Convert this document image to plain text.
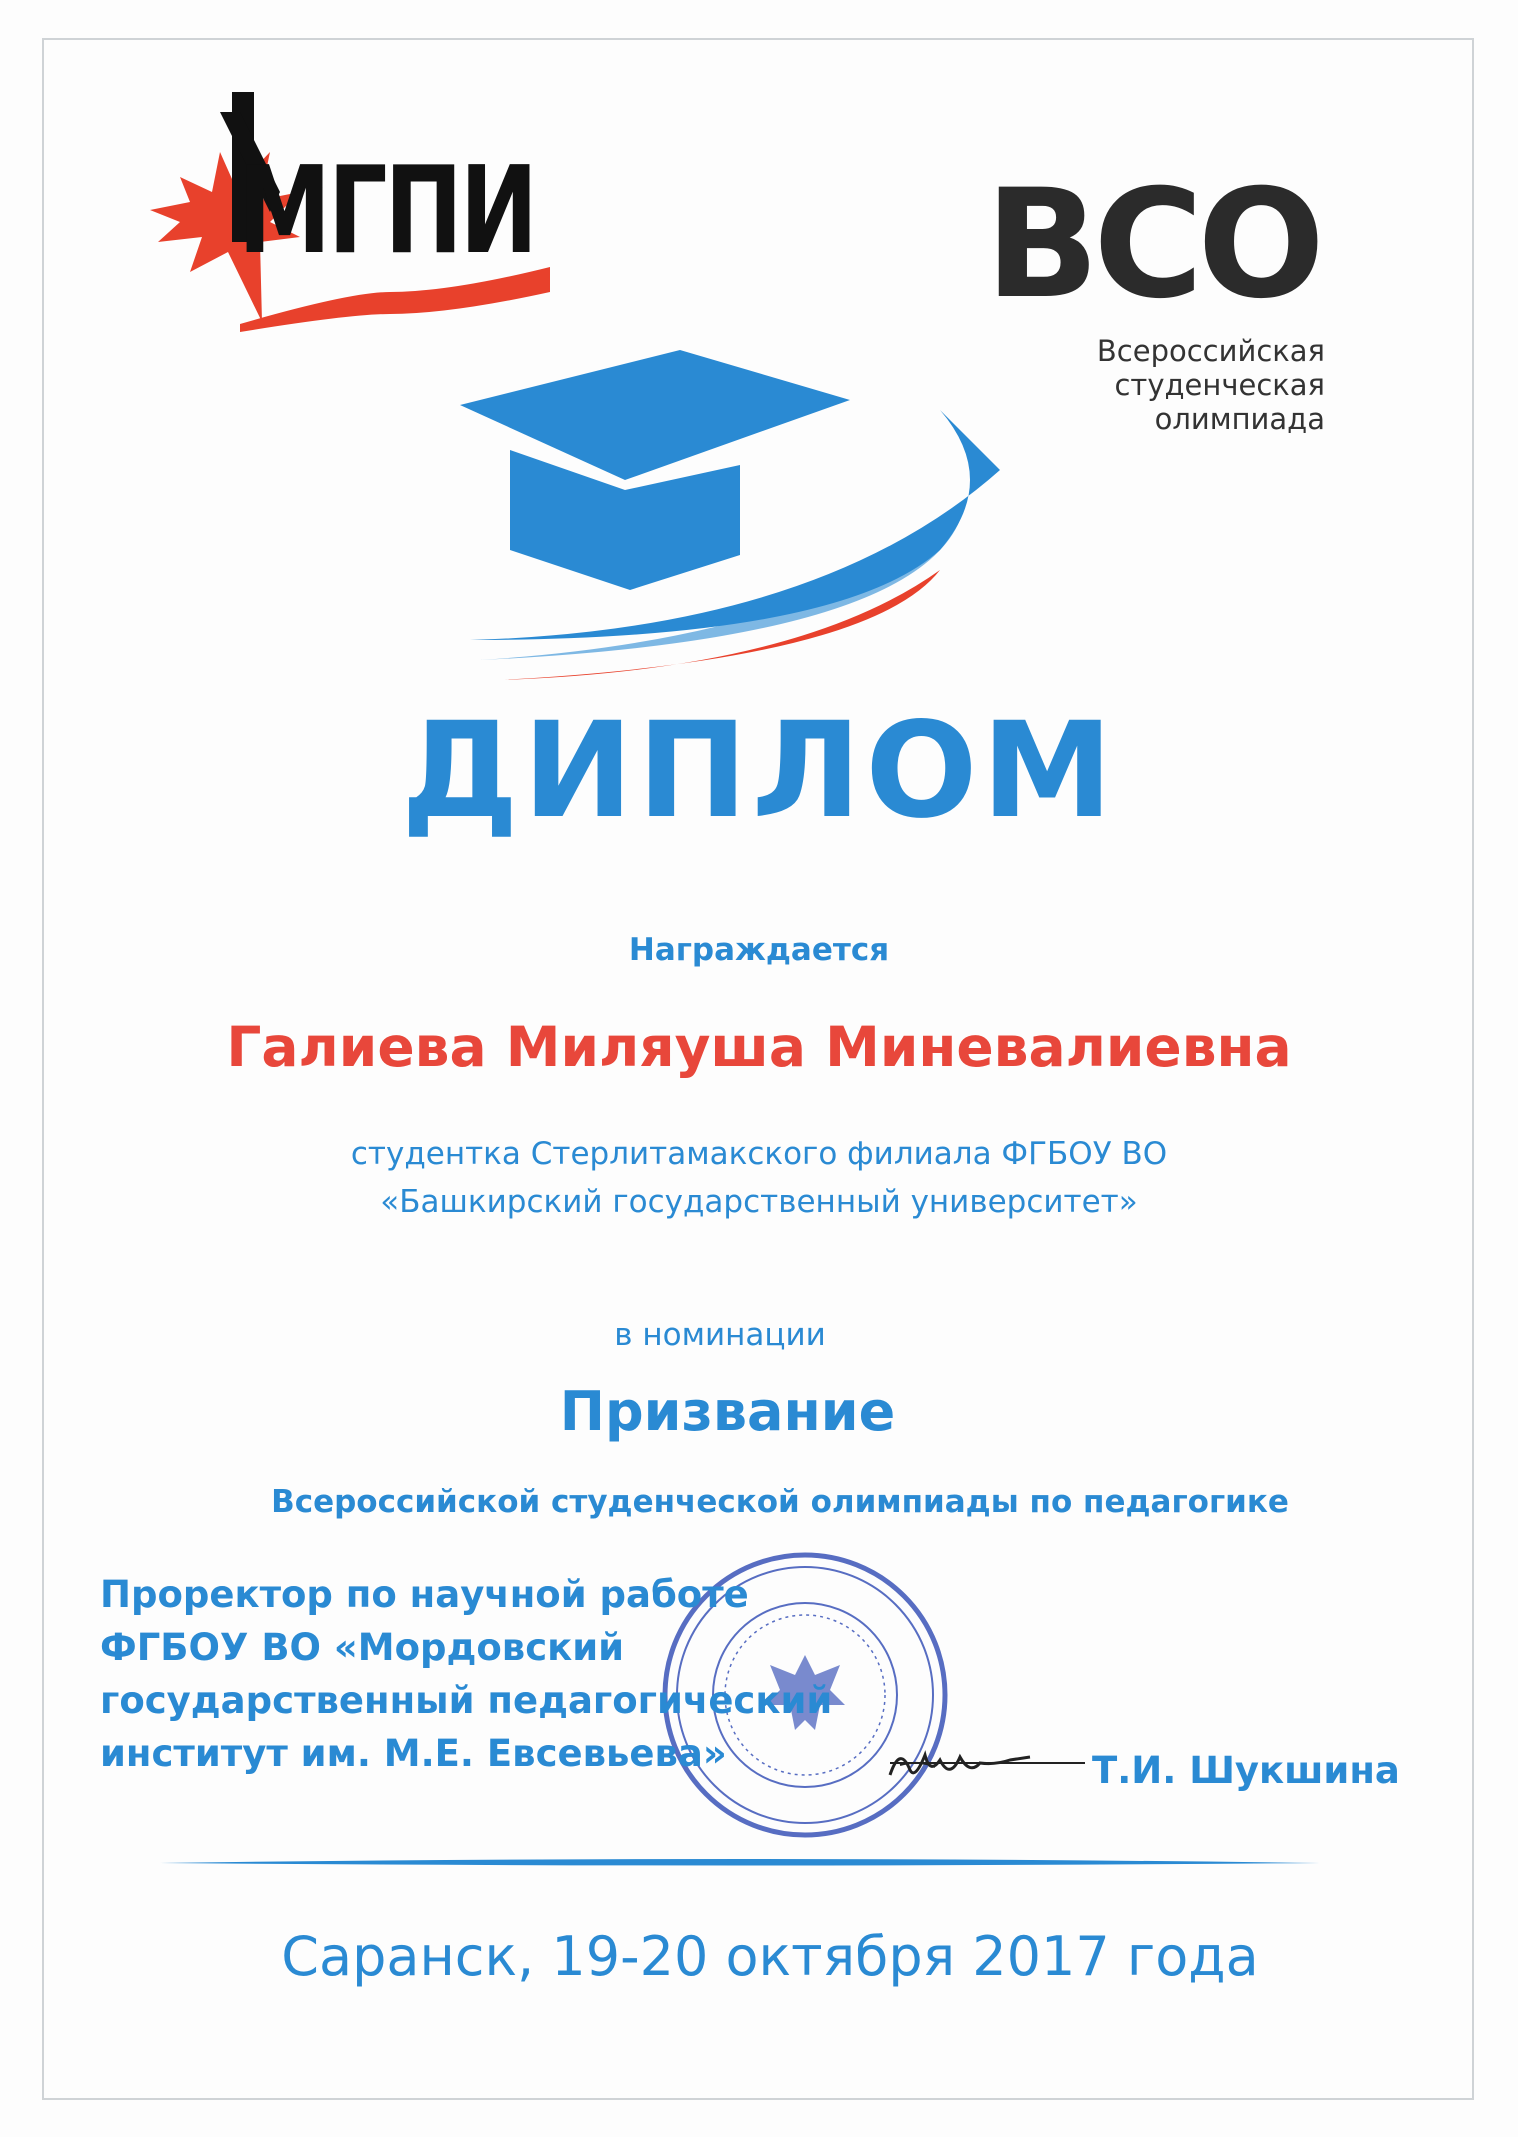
МГПИ	ВСО
Всероссийская
студенческая
олимпиада
ДИПЛОМ
Награждается
Галиева Миляуша Миневалиевна
студентка Стерлитамакского филиала ФГБОУ ВО
«Башкирский государственный университет»
в номинации
Призвание
Всероссийской студенческой олимпиады по педагогике
Проректор по научной работе
ФГБОУ ВО «Мордовский
государственный педагогический
институт им. М.Е. Евсевьева»	Т.И. Шукшина
Саранск, 19-20 октября 2017 года
